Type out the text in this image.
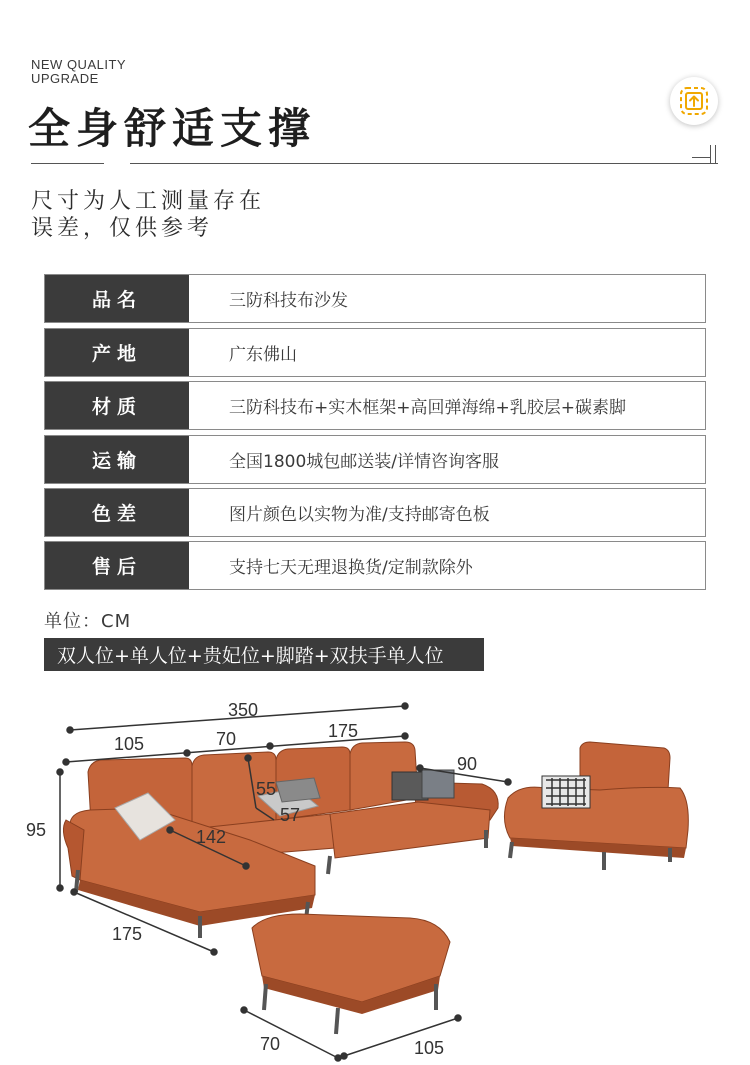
NEW QUALITY
UPGRADE
全身舒适支撑
尺寸为人工测量存在
误差，仅供参考
品名	三防科技布沙发
产地	广东佛山
材质	三防科技布+实木框架+高回弹海绵+乳胶层+碳素脚
运输	全国1800城包邮送装/详情咨询客服
色差	图片颜色以实物为准/支持邮寄色板
售后	支持七天无理退换货/定制款除外
单位：CM
双人位+单人位+贵妃位+脚踏+双扶手单人位
350
105	70	175
90
95
55
57
142
175
70	105
